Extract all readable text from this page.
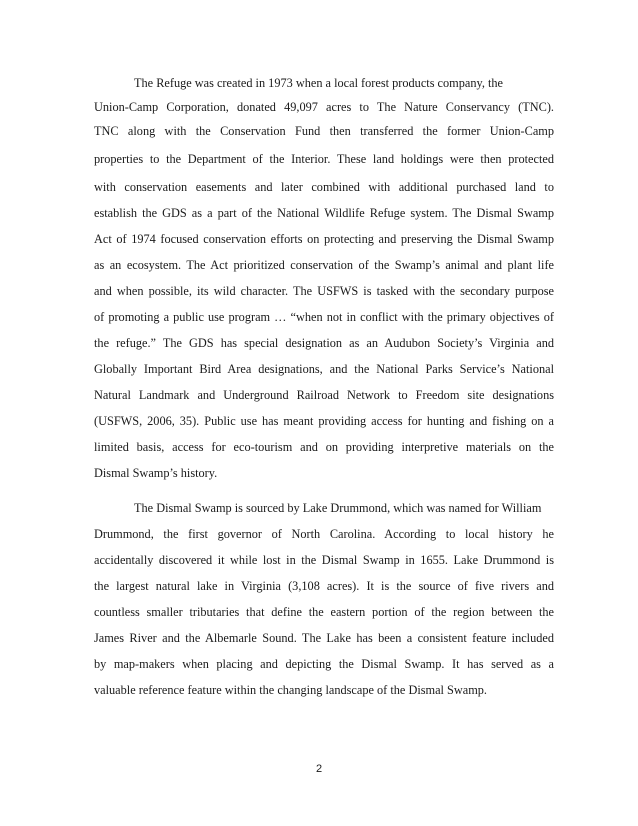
The Refuge was created in 1973 when a local forest products company, the
Union-Camp Corporation, donated 49,097 acres to The Nature Conservancy (TNC).
TNC along with the Conservation Fund then transferred the former Union-Camp
properties to the Department of the Interior. These land holdings were then protected
with conservation easements and later combined with additional purchased land to
establish the GDS as a part of the National Wildlife Refuge system. The Dismal Swamp
Act of 1974 focused conservation efforts on protecting and preserving the Dismal Swamp
as an ecosystem. The Act prioritized conservation of the Swamp’s animal and plant life
and when possible, its wild character. The USFWS is tasked with the secondary purpose
of promoting a public use program … “when not in conflict with the primary objectives of
the refuge.” The GDS has special designation as an Audubon Society’s Virginia and
Globally Important Bird Area designations, and the National Parks Service’s National
Natural Landmark and Underground Railroad Network to Freedom site designations
(USFWS, 2006, 35). Public use has meant providing access for hunting and fishing on a
limited basis, access for eco-tourism and on providing interpretive materials on the
Dismal Swamp’s history.
The Dismal Swamp is sourced by Lake Drummond, which was named for William
Drummond, the first governor of North Carolina. According to local history he
accidentally discovered it while lost in the Dismal Swamp in 1655. Lake Drummond is
the largest natural lake in Virginia (3,108 acres). It is the source of five rivers and
countless smaller tributaries that define the eastern portion of the region between the
James River and the Albemarle Sound. The Lake has been a consistent feature included
by map-makers when placing and depicting the Dismal Swamp. It has served as a
valuable reference feature within the changing landscape of the Dismal Swamp.
2
